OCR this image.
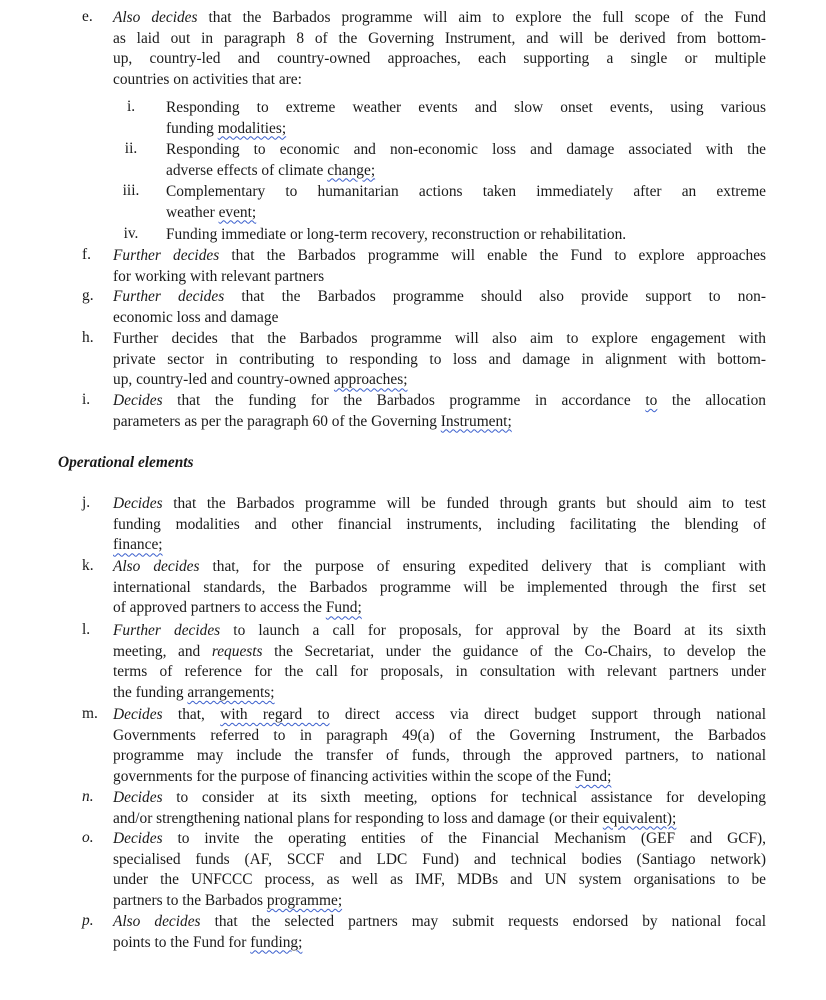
e. Also decides that the Barbados programme will aim to explore the full scope of the Fund
as laid out in paragraph 8 of the Governing Instrument, and will be derived from bottom-
up, country-led and country-owned approaches, each supporting a single or multiple
countries on activities that are:
i.	Responding to extreme weather events and slow onset events, using various
funding modalities;
ii.	Responding to economic and non-economic loss and damage associated with the
adverse effects of climate change;
iii.	Complementary to humanitarian actions taken immediately after an extreme
weather event;
iv.	Funding immediate or long-term recovery, reconstruction or rehabilitation.
f. Further decides that the Barbados programme will enable the Fund to explore approaches
for working with relevant partners
g. Further decides that the Barbados programme should also provide support to non-
economic loss and damage
h. Further decides that the Barbados programme will also aim to explore engagement with
private sector in contributing to responding to loss and damage in alignment with bottom-
up, country-led and country-owned approaches;
i. Decides that the funding for the Barbados programme in accordance to the allocation
parameters as per the paragraph 60 of the Governing Instrument;
Operational elements
j. Decides that the Barbados programme will be funded through grants but should aim to test
funding modalities and other financial instruments, including facilitating the blending of
finance;
k. Also decides that, for the purpose of ensuring expedited delivery that is compliant with
international standards, the Barbados programme will be implemented through the first set
of approved partners to access the Fund;
l. Further decides to launch a call for proposals, for approval by the Board at its sixth
meeting, and requests the Secretariat, under the guidance of the Co-Chairs, to develop the
terms of reference for the call for proposals, in consultation with relevant partners under
the funding arrangements;
m. Decides that, with regard to direct access via direct budget support through national
Governments referred to in paragraph 49(a) of the Governing Instrument, the Barbados
programme may include the transfer of funds, through the approved partners, to national
governments for the purpose of financing activities within the scope of the Fund;
n. Decides to consider at its sixth meeting, options for technical assistance for developing
and/or strengthening national plans for responding to loss and damage (or their equivalent);
o. Decides to invite the operating entities of the Financial Mechanism (GEF and GCF),
specialised funds (AF, SCCF and LDC Fund) and technical bodies (Santiago network)
under the UNFCCC process, as well as IMF, MDBs and UN system organisations to be
partners to the Barbados programme;
p. Also decides that the selected partners may submit requests endorsed by national focal
points to the Fund for funding;
